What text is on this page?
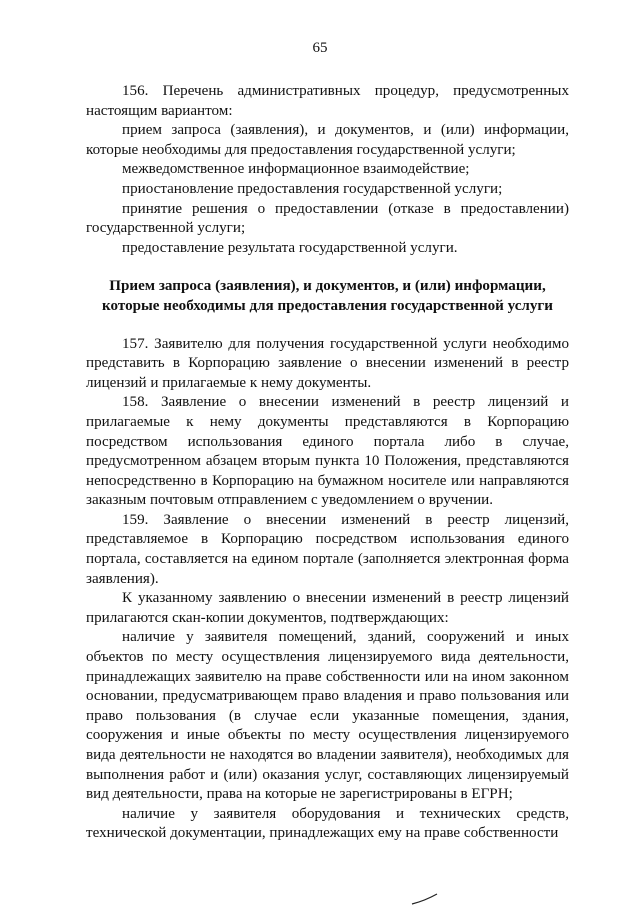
65

156. Перечень административных процедур, предусмотренных настоящим вариантом:

прием запроса (заявления), и документов, и (или) информации, которые необходимы для предоставления государственной услуги;

межведомственное информационное взаимодействие;

приостановление предоставления государственной услуги;

принятие решения о предоставлении (отказе в предоставлении) государственной услуги;

предоставление результата государственной услуги.

Прием запроса (заявления), и документов, и (или) информации,
которые необходимы для предоставления государственной услуги

157. Заявителю для получения государственной услуги необходимо представить в Корпорацию заявление о внесении изменений в реестр лицензий и прилагаемые к нему документы.

158. Заявление о внесении изменений в реестр лицензий и прилагаемые к нему документы представляются в Корпорацию посредством использования единого портала либо в случае, предусмотренном абзацем вторым пункта 10 Положения, представляются непосредственно в Корпорацию на бумажном носителе или направляются заказным почтовым отправлением с уведомлением о вручении.

159. Заявление о внесении изменений в реестр лицензий, представляемое в Корпорацию посредством использования единого портала, составляется на едином портале (заполняется электронная форма заявления).

К указанному заявлению о внесении изменений в реестр лицензий прилагаются скан-копии документов, подтверждающих:

наличие у заявителя помещений, зданий, сооружений и иных объектов по месту осуществления лицензируемого вида деятельности, принадлежащих заявителю на праве собственности или на ином законном основании, предусматривающем право владения и право пользования или право пользования (в случае если указанные помещения, здания, сооружения и иные объекты по месту осуществления лицензируемого вида деятельности не находятся во владении заявителя), необходимых для выполнения работ и (или) оказания услуг, составляющих лицензируемый вид деятельности, права на которые не зарегистрированы в ЕГРН;

наличие у заявителя оборудования и технических средств, технической документации, принадлежащих ему на праве собственности
